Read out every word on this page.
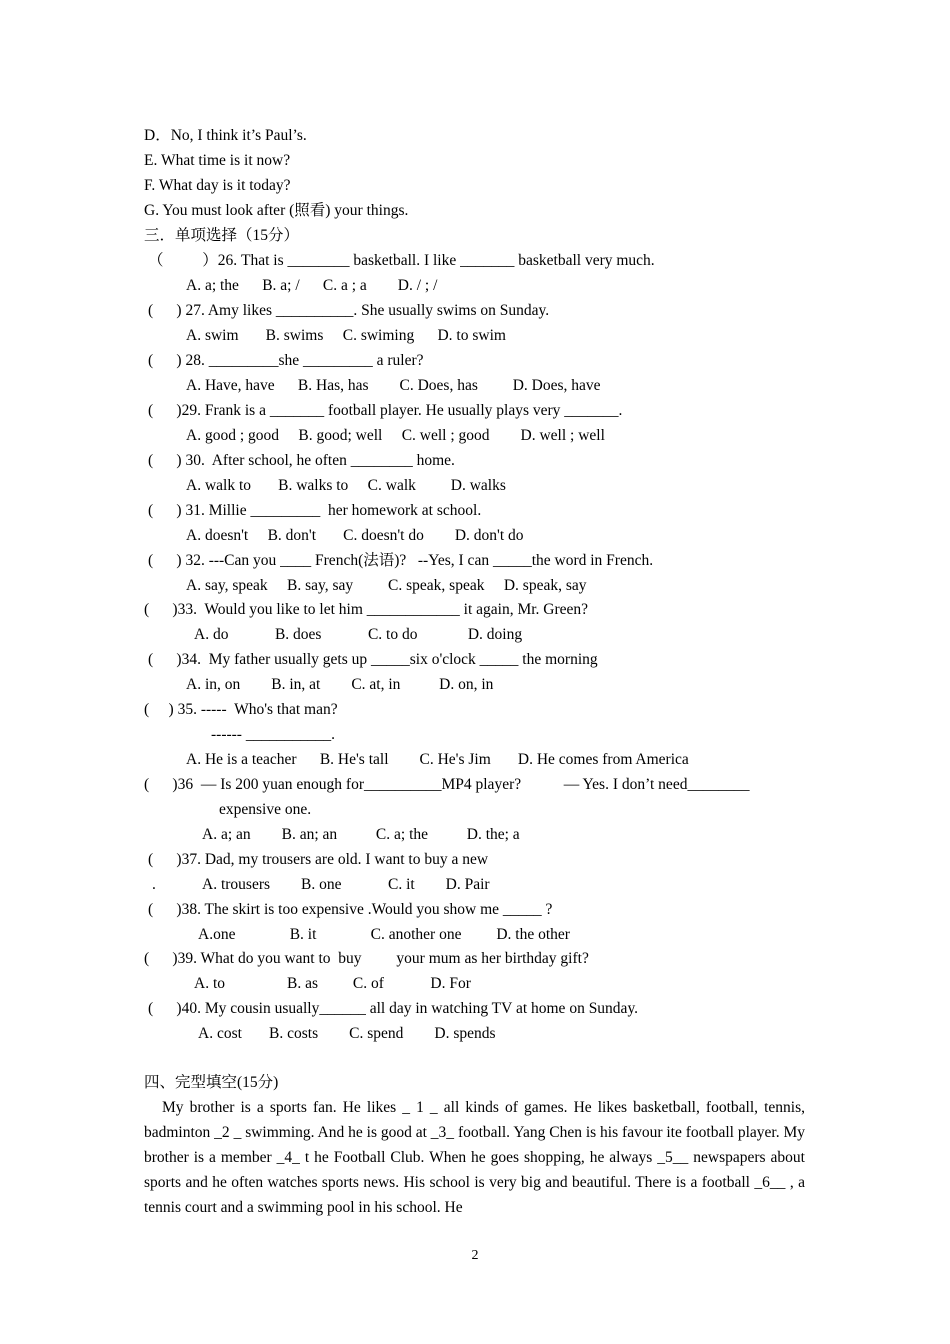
D．No, I think it’s Paul’s.
E. What time is it now?
F. What day is it today?
G. You must look after (照看) your things.
三．单项选择（15分）
（          ）26. That is ________ basketball. I like _______ basketball very much.
A. a; the      B. a; /      C. a ; a        D. / ; /
(      ) 27. Amy likes __________. She usually swims on Sunday.
A. swim       B. swims     C. swiming      D. to swim
(      ) 28. _________she _________ a ruler?
A. Have, have      B. Has, has        C. Does, has         D. Does, have
(      )29. Frank is a _______ football player. He usually plays very _______.
A. good ; good     B. good; well     C. well ; good        D. well ; well
(      ) 30.  After school, he often ________ home.
A. walk to       B. walks to     C. walk         D. walks
(      ) 31. Millie _________  her homework at school.
A. doesn't     B. don't       C. doesn't do        D. don't do
(      ) 32. ---Can you ____ French(法语)?   --Yes, I can _____the word in French.
A. say, speak     B. say, say         C. speak, speak     D. speak, say
(      )33.  Would you like to let him ____________ it again, Mr. Green?
A. do            B. does            C. to do             D. doing
(      )34.  My father usually gets up _____six o'clock _____ the morning
A. in, on        B. in, at        C. at, in          D. on, in
(     ) 35. -----  Who's that man?
------ ___________.
A. He is a teacher      B. He's tall        C. He's Jim       D. He comes from America
(      )36  — Is 200 yuan enough for__________MP4 player?           — Yes. I don’t need________
expensive one.
A. a; an        B. an; an          C. a; the          D. the; a
(      )37. Dad, my trousers are old. I want to buy a new
.	A. trousers        B. one            C. it        D. Pair
(      )38. The skirt is too expensive .Would you show me _____ ?
A.one              B. it              C. another one         D. the other
(      )39. What do you want to  buy         your mum as her birthday gift?
A. to                B. as         C. of            D. For
(      )40. My cousin usually______ all day in watching TV at home on Sunday.
A. cost       B. costs        C. spend        D. spends
四、完型填空(15分)
My brother is a sports fan. He likes _ 1 _ all kinds of games. He likes basketball, football, tennis, badminton _2 _ swimming. And he is good at _3_ football. Yang Chen is his favour ite football player. My brother is a member _4_ t he Football Club. When he goes shopping, he always _5__ newspapers about sports and he often watches sports news. His school is very big and beautiful. There is a football _6__ , a tennis court and a swimming pool in his school. He
2
